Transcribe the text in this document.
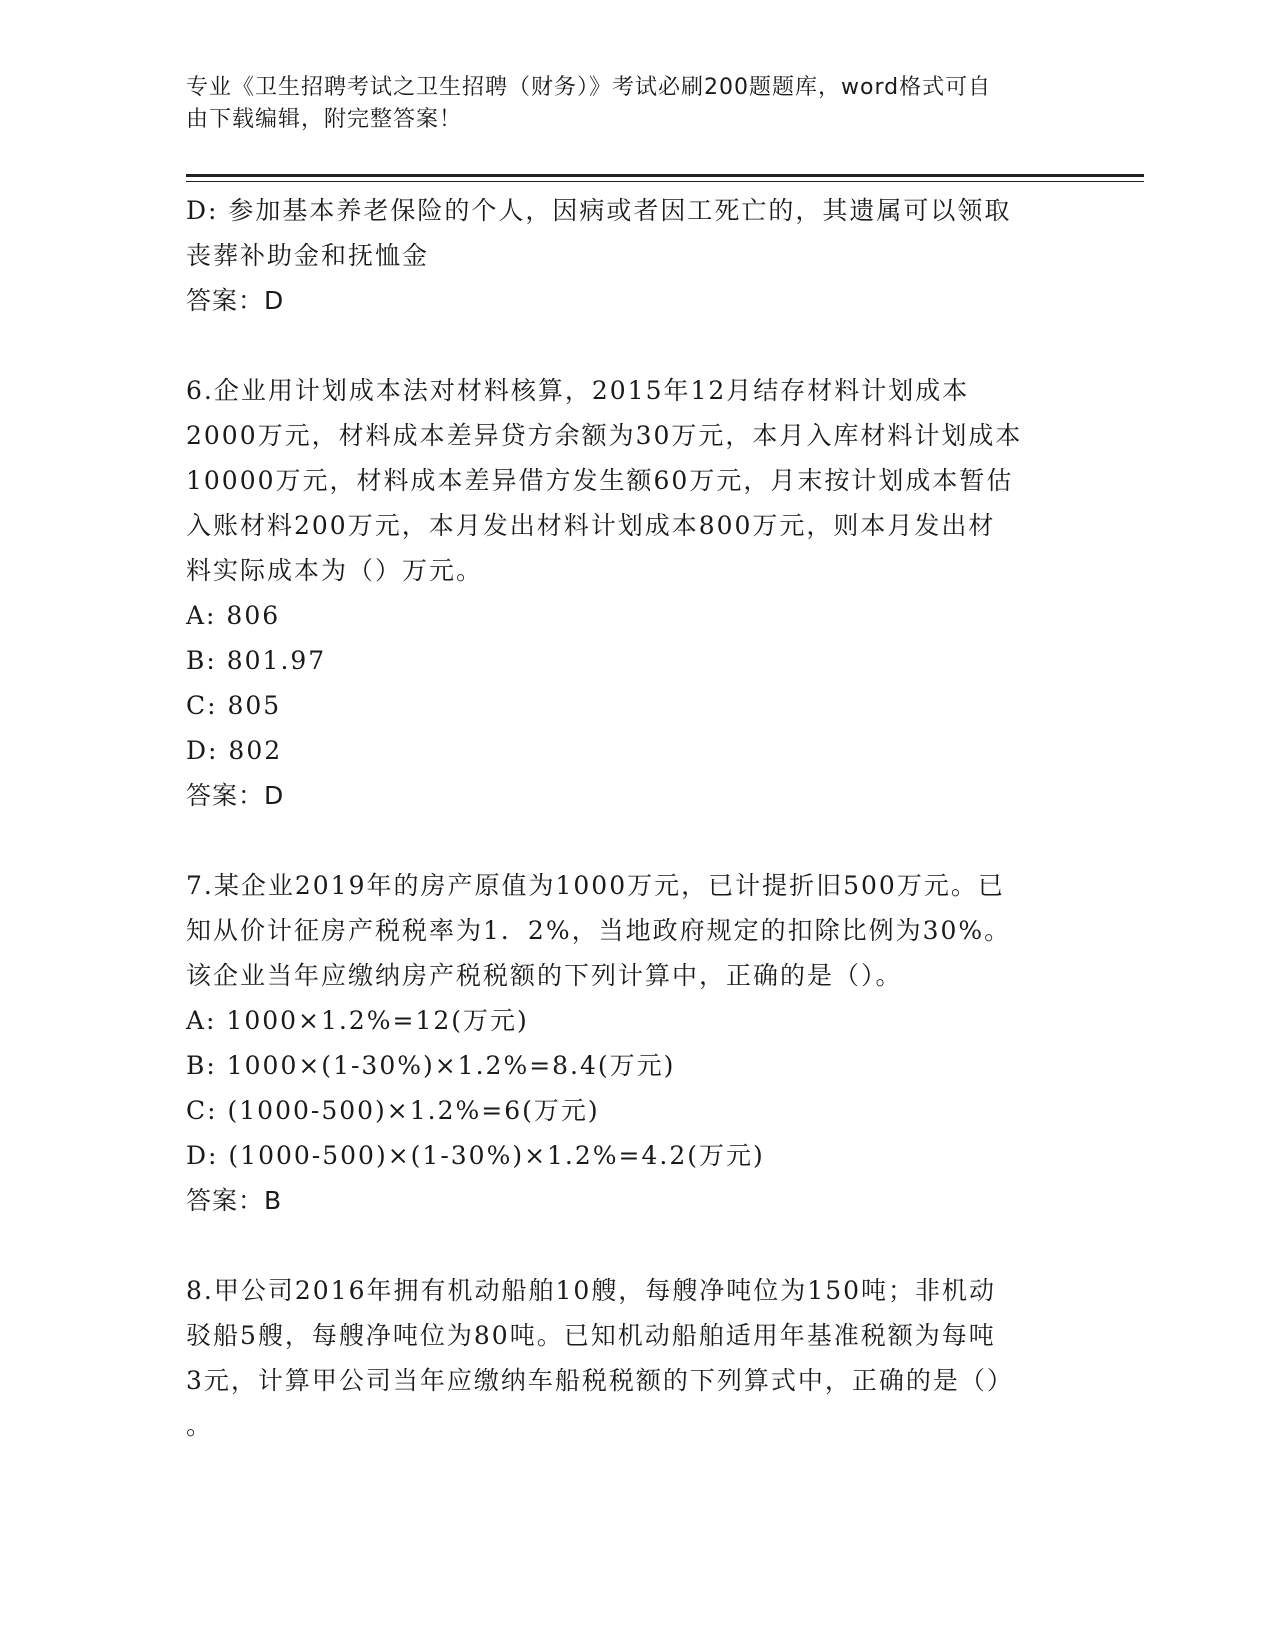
专业《卫生招聘考试之卫生招聘（财务）》考试必刷200题题库，word格式可自
由下载编辑，附完整答案！
D: 参加基本养老保险的个人，因病或者因工死亡的，其遗属可以领取
丧葬补助金和抚恤金
答案：D
6.企业用计划成本法对材料核算，2015年12月结存材料计划成本
2000万元，材料成本差异贷方余额为30万元，本月入库材料计划成本
10000万元，材料成本差异借方发生额60万元，月末按计划成本暂估
入账材料200万元，本月发出材料计划成本800万元，则本月发出材
料实际成本为（）万元。
A: 806
B: 801.97
C: 805
D: 802
答案：D
7.某企业2019年的房产原值为1000万元，已计提折旧500万元。已
知从价计征房产税税率为1．2%，当地政府规定的扣除比例为30%。
该企业当年应缴纳房产税税额的下列计算中，正确的是（）。
A: 1000×1.2%=12(万元)
B: 1000×(1-30%)×1.2%=8.4(万元)
C: (1000-500)×1.2%=6(万元)
D: (1000-500)×(1-30%)×1.2%=4.2(万元)
答案：B
8.甲公司2016年拥有机动船舶10艘，每艘净吨位为150吨；非机动
驳船5艘，每艘净吨位为80吨。已知机动船舶适用年基准税额为每吨
3元，计算甲公司当年应缴纳车船税税额的下列算式中，正确的是（）
。
